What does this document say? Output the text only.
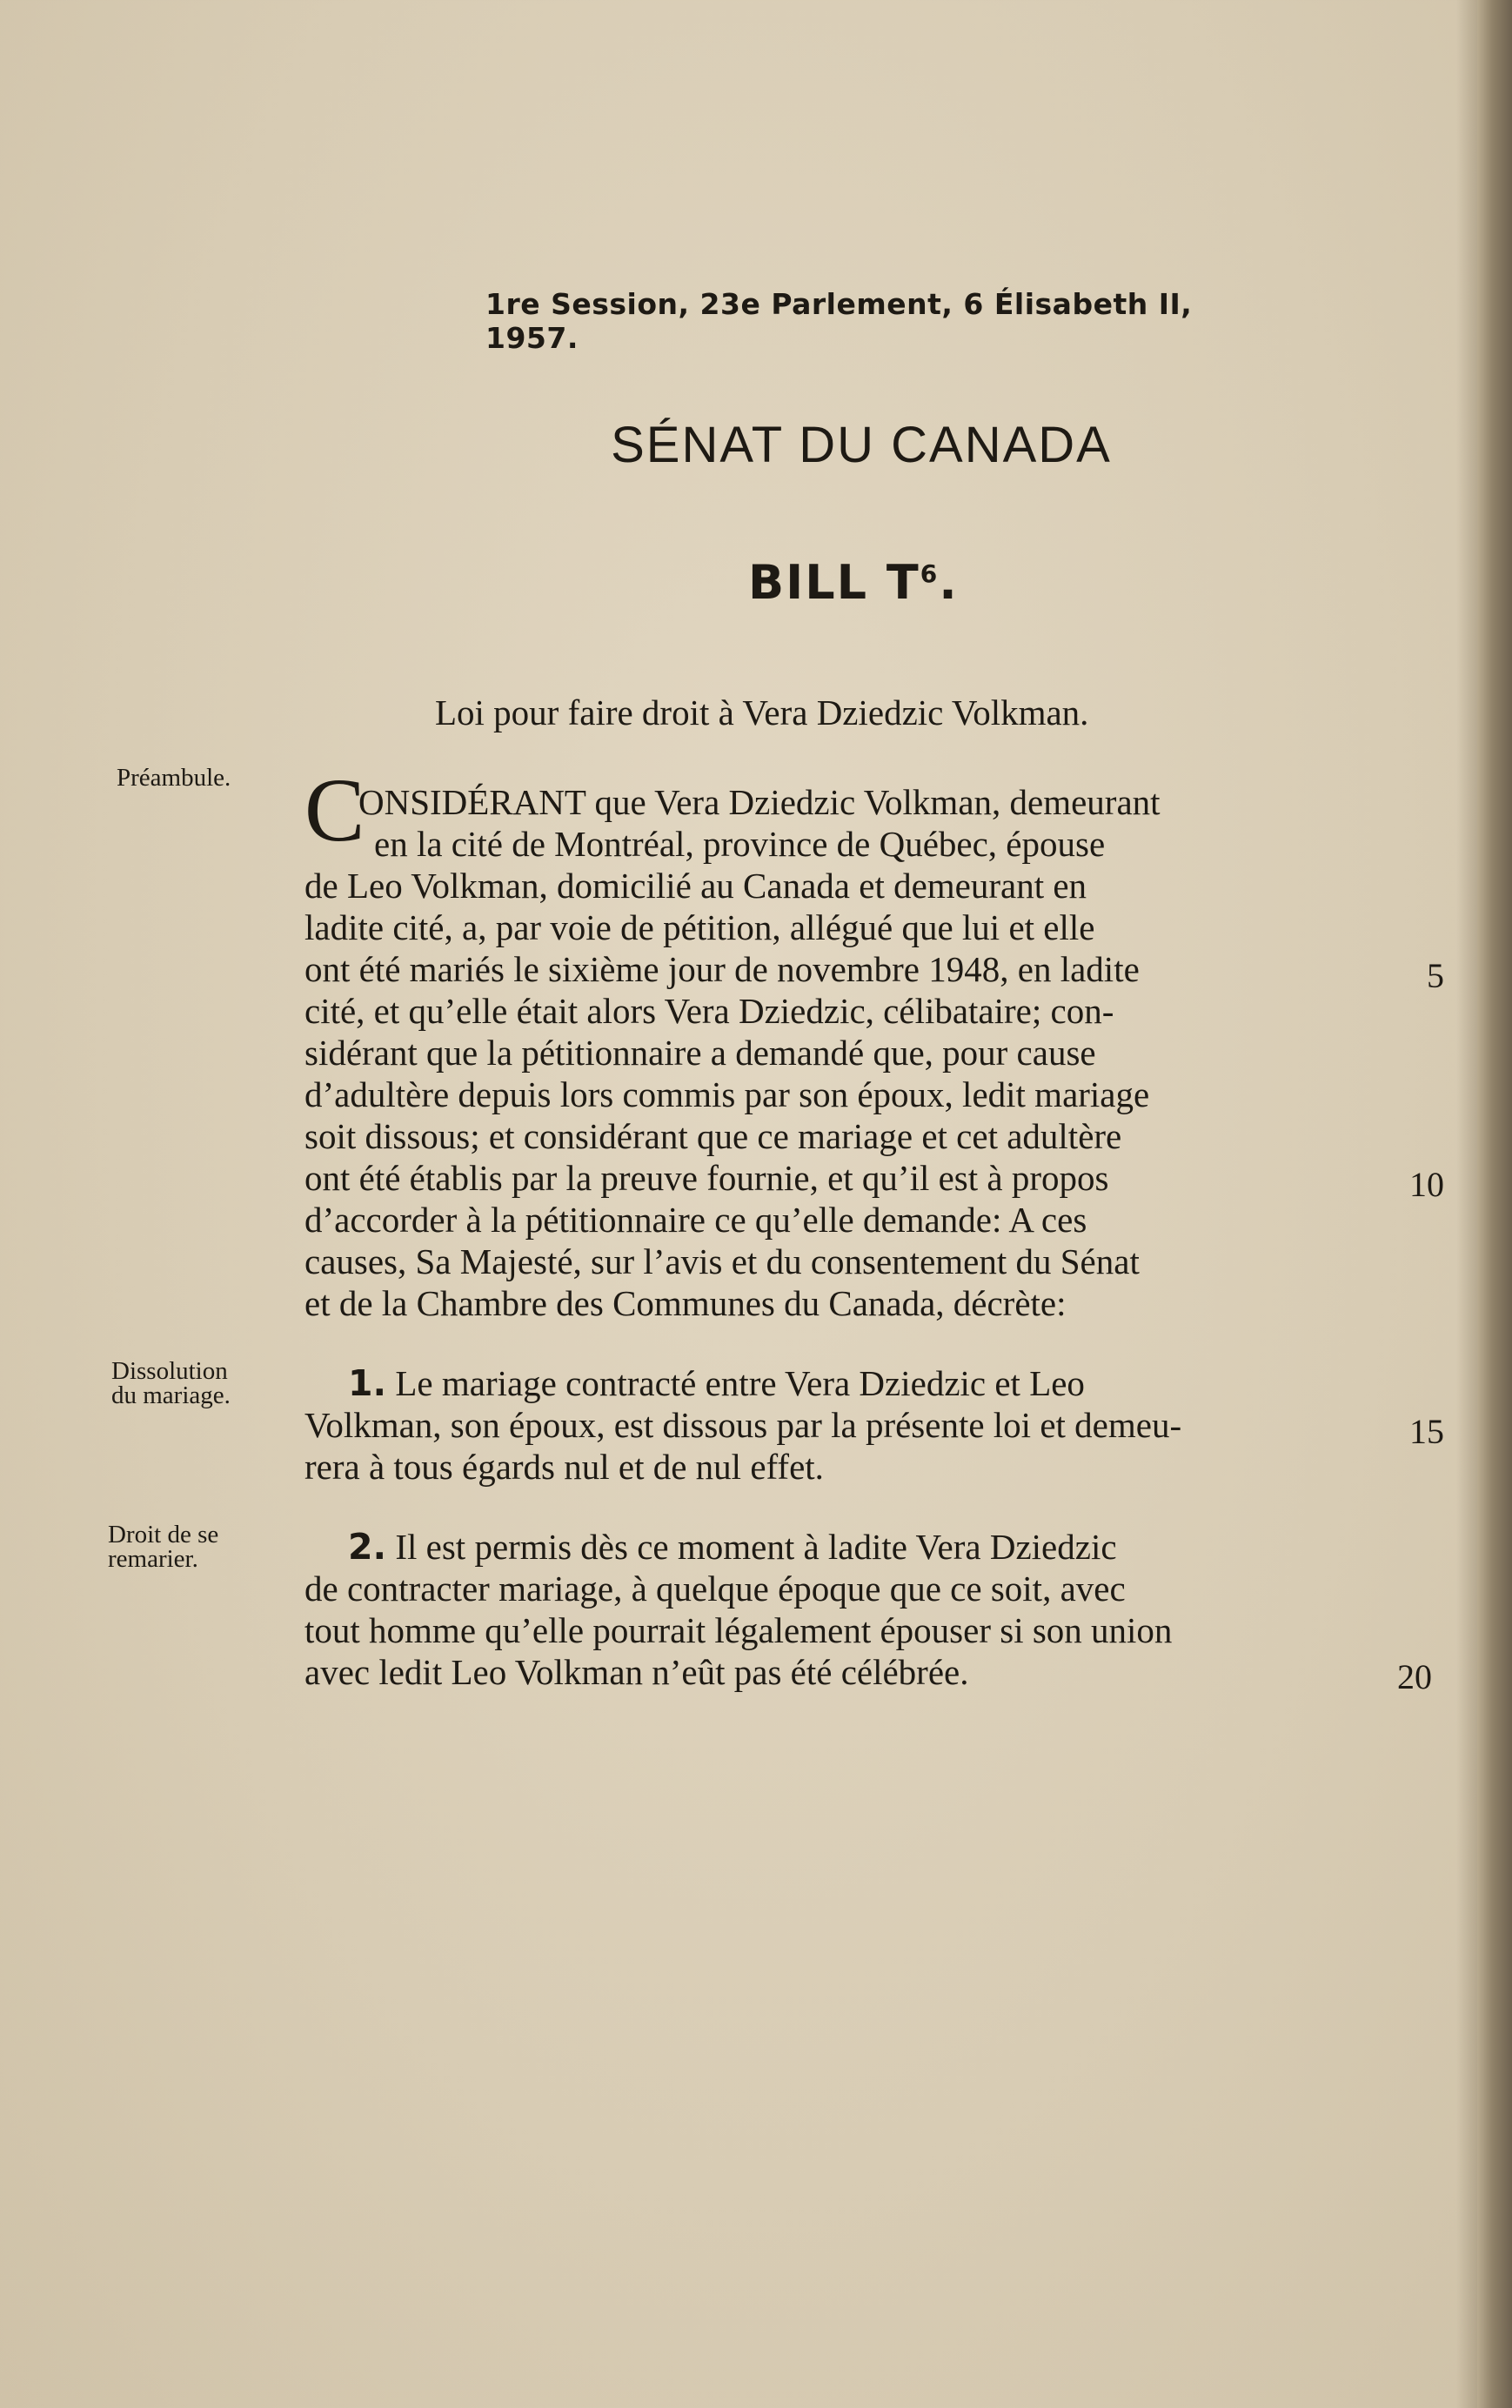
1re Session, 23e Parlement, 6 Élisabeth II, 1957.
SÉNAT DU CANADA
BILL $T^6$.
Loi pour faire droit à Vera Dziedzic Volkman.
Préambule.
Dissolution
du mariage.
Droit de se
remarier.
C
ONSIDÉRANT que Vera Dziedzic Volkman, demeurant
en la cité de Montréal, province de Québec, épouse
de Leo Volkman, domicilié au Canada et demeurant en
ladite cité, a, par voie de pétition, allégué que lui et elle
ont été mariés le sixième jour de novembre 1948, en ladite
cité, et qu’elle était alors Vera Dziedzic, célibataire; con-
sidérant que la pétitionnaire a demandé que, pour cause
d’adultère depuis lors commis par son époux, ledit mariage
soit dissous; et considérant que ce mariage et cet adultère
ont été établis par la preuve fournie, et qu’il est à propos
d’accorder à la pétitionnaire ce qu’elle demande: A ces
causes, Sa Majesté, sur l’avis et du consentement du Sénat
et de la Chambre des Communes du Canada, décrète:
1. Le mariage contracté entre Vera Dziedzic et Leo
Volkman, son époux, est dissous par la présente loi et demeu-
rera à tous égards nul et de nul effet.
2. Il est permis dès ce moment à ladite Vera Dziedzic
de contracter mariage, à quelque époque que ce soit, avec
tout homme qu’elle pourrait légalement épouser si son union
avec ledit Leo Volkman n’eût pas été célébrée.
5
10
15
20
